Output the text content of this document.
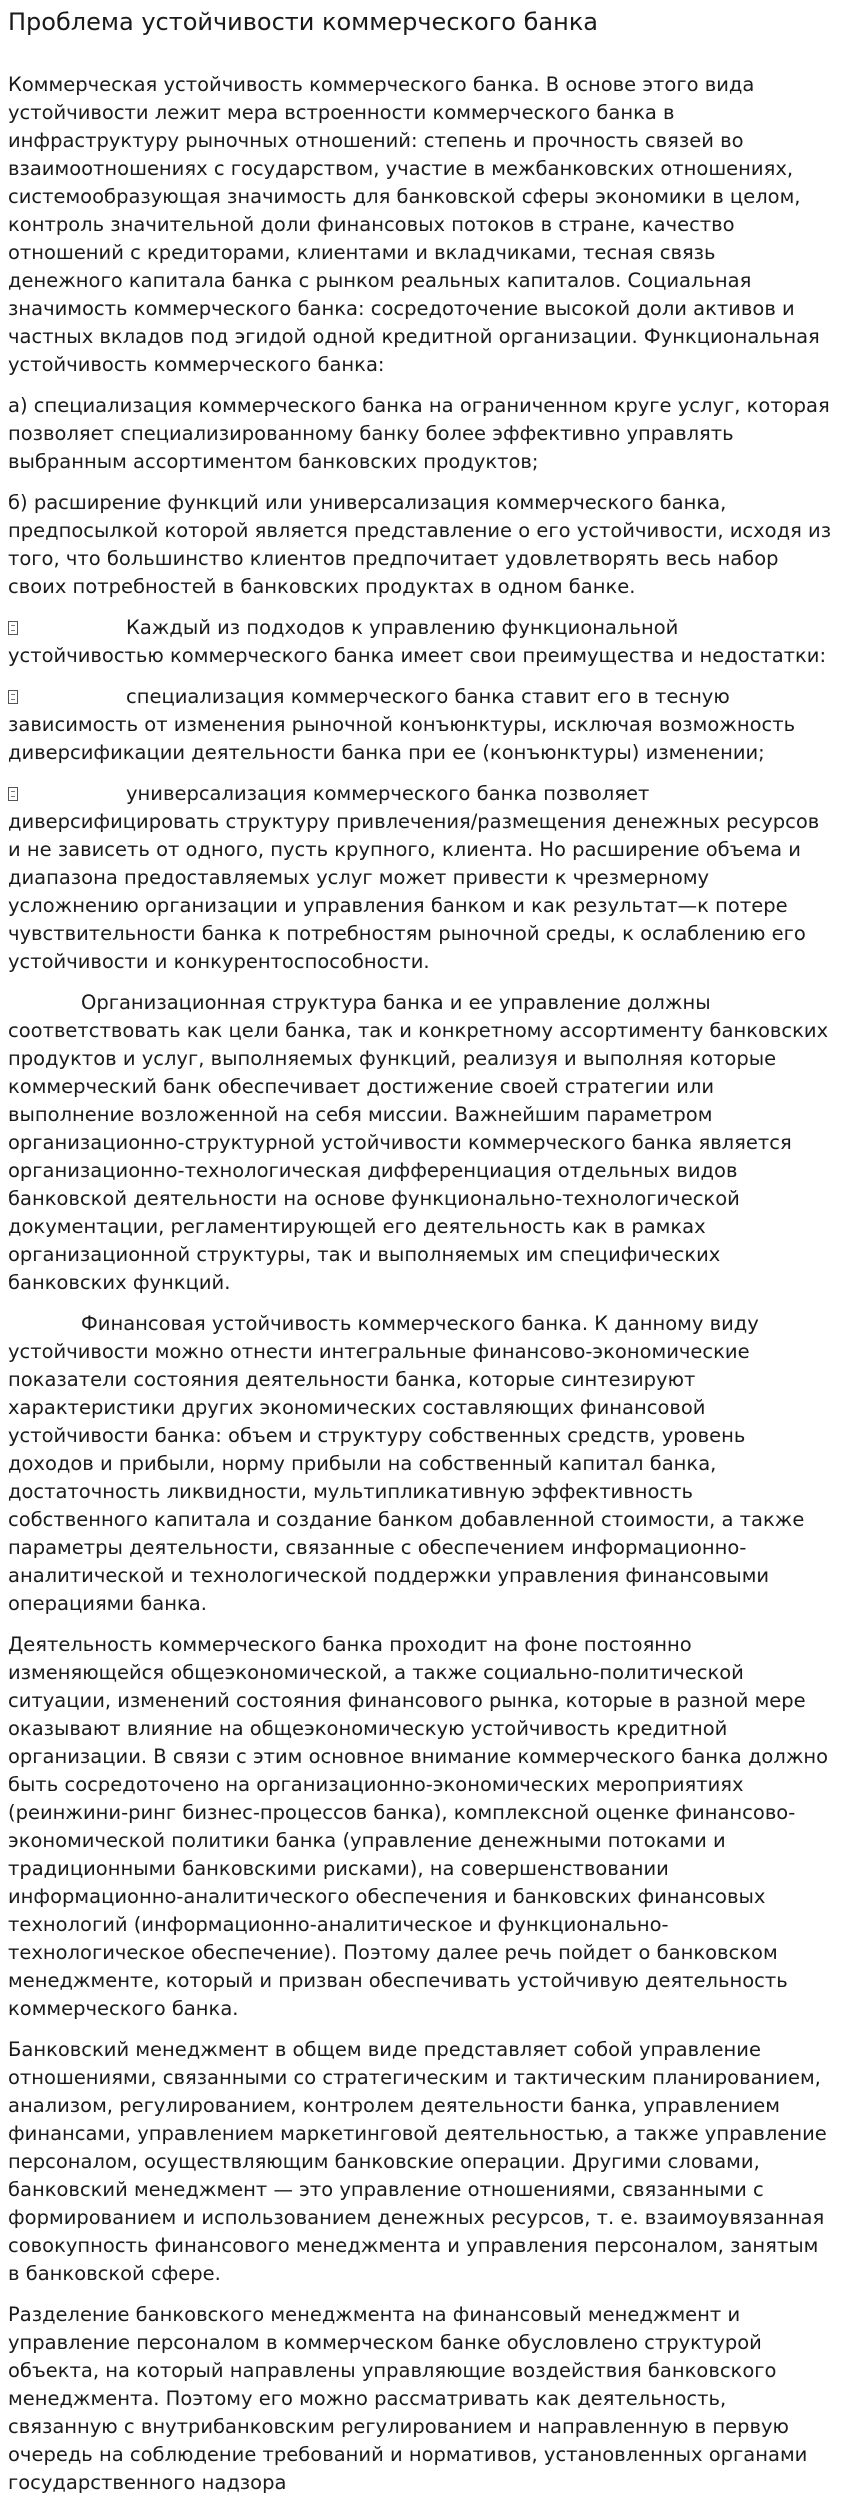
Проблема устойчивости коммерческого банка

Коммерческая устойчивость коммерческого банка. В основе этого вида устойчивости лежит мера встроенности коммерческого банка в инфраструктуру рыночных отношений: степень и прочность связей во взаимоотношениях с государством, участие в межбанковских отношениях, системообразующая значимость для банковской сферы экономики в целом, контроль значительной доли финансовых потоков в стране, качество отношений с кредиторами, клиентами и вкладчиками, тесная связь денежного капитала банка с рынком реальных капиталов. Социальная значимость коммерческого банка: сосредоточение высокой доли активов и частных вкладов под эгидой одной кредитной организации. Функциональная устойчивость коммерческого банка:

а) специализация коммерческого банка на ограниченном круге услуг, которая позволяет специализированному банку более эффективно управлять выбранным ассортиментом банковских продуктов;

б) расширение функций или универсализация коммерческого банка, предпосылкой которой является представление о его устойчивости, исходя из того, что большинство клиентов предпочитает удовлетворять весь набор своих потребностей в банковских продуктах в одном банке.

Каждый из подходов к управлению функциональной устойчивостью коммерческого банка имеет свои преимущества и недостатки:

специализация коммерческого банка ставит его в тесную зависимость от изменения рыночной конъюнктуры, исключая возможность диверсификации деятельности банка при ее (конъюнктуры) изменении;

универсализация коммерческого банка позволяет диверсифицировать структуру привлечения/размещения денежных ресурсов и не зависеть от одного, пусть крупного, клиента. Но расширение объема и диапазона предоставляемых услуг может привести к чрезмерному усложнению организации и управления банком и как результат—к потере чувствительности банка к потребностям рыночной среды, к ослаблению его устойчивости и конкурентоспособности.

Организационная структура банка и ее управление должны соответствовать как цели банка, так и конкретному ассортименту банковских продуктов и услуг, выполняемых функций, реализуя и выполняя которые коммерческий банк обеспечивает достижение своей стратегии или выполнение возложенной на себя миссии. Важнейшим параметром организационно-структурной устойчивости коммерческого банка является организационно-технологическая дифференциация отдельных видов банковской деятельности на основе функционально-технологической документации, регламентирующей его деятельность как в рамках организационной структуры, так и выполняемых им специфических банковских функций.

Финансовая устойчивость коммерческого банка. К данному виду устойчивости можно отнести интегральные финансово-экономические показатели состояния деятельности банка, которые синтезируют характеристики других экономических составляющих финансовой устойчивости банка: объем и структуру собственных средств, уровень доходов и прибыли, норму прибыли на собственный капитал банка, достаточность ликвидности, мультипликативную эффективность собственного капитала и создание банком добавленной стоимости, а также параметры деятельности, связанные с обеспечением информационно-аналитической и технологической поддержки управления финансовыми операциями банка.

Деятельность коммерческого банка проходит на фоне постоянно изменяющейся общеэкономической, а также социально-политической ситуации, изменений состояния финансового рынка, которые в разной мере оказывают влияние на общеэкономическую устойчивость кредитной организации. В связи с этим основное внимание коммерческого банка должно быть сосредоточено на организационно-экономических мероприятиях (реинжини-ринг бизнес-процессов банка), комплексной оценке финансово-экономической политики банка (управление денежными потоками и традиционными банковскими рисками), на совершенствовании информационно-аналитического обеспечения и банковских финансовых технологий (информационно-аналитическое и функционально-технологическое обеспечение). Поэтому далее речь пойдет о банковском менеджменте, который и призван обеспечивать устойчивую деятельность коммерческого банка.

Банковский менеджмент в общем виде представляет собой управление отношениями, связанными со стратегическим и тактическим планированием, анализом, регулированием, контролем деятельности банка, управлением финансами, управлением маркетинговой деятельностью, а также управление персоналом, осуществляющим банковские операции. Другими словами, банковский менеджмент — это управление отношениями, связанными с формированием и использованием денежных ресурсов, т. е. взаимоувязанная совокупность финансового менеджмента и управления персоналом, занятым в банковской сфере.

Разделение банковского менеджмента на финансовый менеджмент и управление персоналом в коммерческом банке обусловлено структурой объекта, на который направлены управляющие воздействия банковского менеджмента. Поэтому его можно рассматривать как деятельность, связанную с внутрибанковским регулированием и направленную в первую очередь на соблюдение требований и нормативов, установленных органами государственного надзора
